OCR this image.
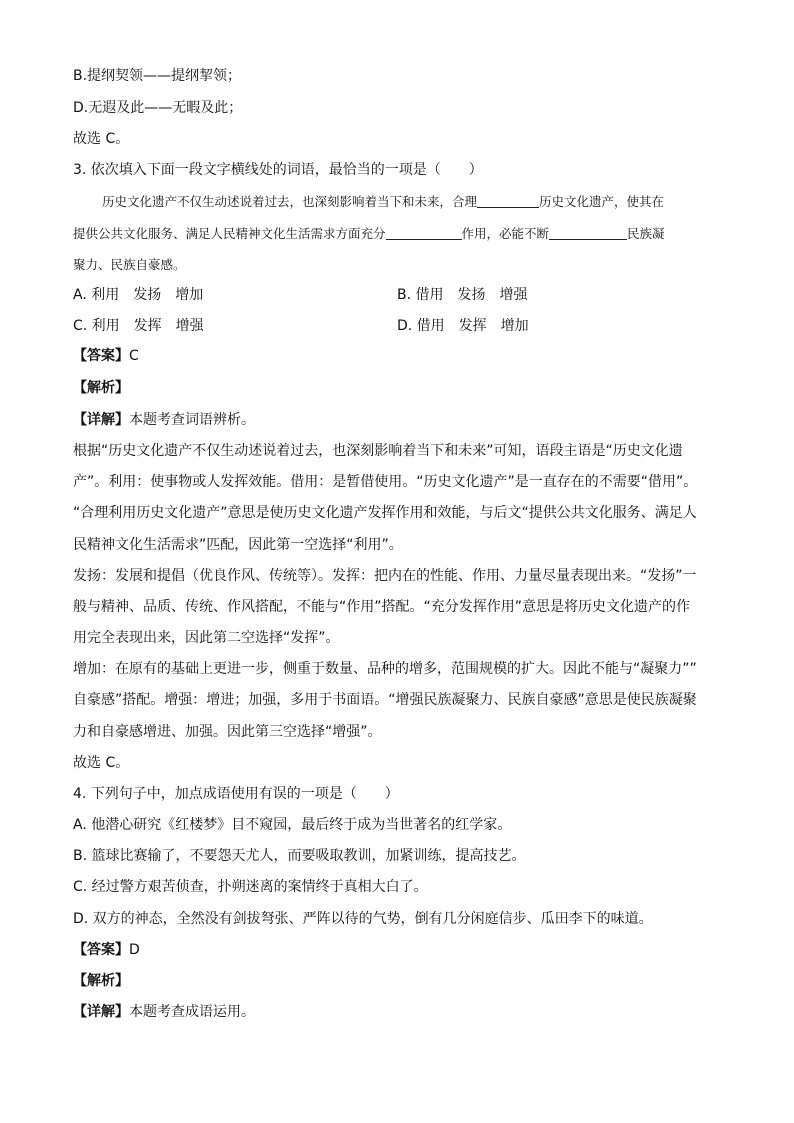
B.提纲契领——提纲挈领；
D.无遐及此——无暇及此；
故选 C。
3. 依次填入下面一段文字横线处的词语，最恰当的一项是（　　）
历史文化遗产不仅生动述说着过去，也深刻影响着当下和未来，合理	历史文化遗产，使其在
提供公共文化服务、满足人民精神文化生活需求方面充分	作用，必能不断	民族凝
聚力、民族自豪感。
A. 利用　发扬　增加	B. 借用　发扬　增强
C. 利用　发挥　增强	D. 借用　发挥　增加
【答案】C
【解析】
【详解】本题考查词语辨析。
根据“历史文化遗产不仅生动述说着过去，也深刻影响着当下和未来”可知，语段主语是“历史文化遗
产”。利用：使事物或人发挥效能。借用：是暂借使用。“历史文化遗产”是一直存在的不需要“借用”。
“合理利用历史文化遗产”意思是使历史文化遗产发挥作用和效能，与后文“提供公共文化服务、满足人
民精神文化生活需求”匹配，因此第一空选择“利用”。
发扬：发展和提倡（优良作风、传统等）。发挥：把内在的性能、作用、力量尽量表现出来。“发扬”一
般与精神、品质、传统、作风搭配，不能与“作用”搭配。“充分发挥作用”意思是将历史文化遗产的作
用完全表现出来，因此第二空选择“发挥”。
增加：在原有的基础上更进一步，侧重于数量、品种的增多，范围规模的扩大。因此不能与“凝聚力””
自豪感”搭配。增强：增进；加强，多用于书面语。“增强民族凝聚力、民族自豪感”意思是使民族凝聚
力和自豪感增进、加强。因此第三空选择“增强”。
故选 C。
4. 下列句子中，加点成语使用有误的一项是（　　）
A. 他潜心研究《红楼梦》目不窥园，最后终于成为当世著名的红学家。
B. 篮球比赛输了，不要怨天尤人，而要吸取教训，加紧训练，提高技艺。
C. 经过警方艰苦侦查，扑朔迷离的案情终于真相大白了。
D. 双方的神态，全然没有剑拔弩张、严阵以待的气势，倒有几分闲庭信步、瓜田李下的味道。
【答案】D
【解析】
【详解】本题考查成语运用。
